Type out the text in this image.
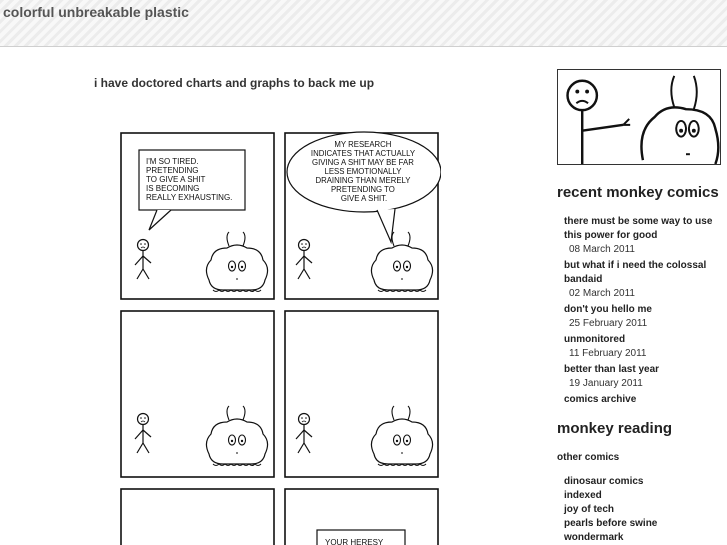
colorful unbreakable plastic
i have doctored charts and graphs to back me up
I'M SO TIRED. PRETENDING TO GIVE A SHIT IS BECOMING REALLY EXHAUSTING.
MY RESEARCH INDICATES THAT ACTUALLY GIVING A SHIT MAY BE FAR LESS EMOTIONALLY DRAINING THAN MERELY PRETENDING TO GIVE A SHIT.
YOUR HERESY
recent monkey comics
there must be some way to use this power for good
08 March 2011
but what if i need the colossal bandaid
02 March 2011
don't you hello me
25 February 2011
unmonitored
11 February 2011
better than last year
19 January 2011
comics archive
monkey reading
other comics
dinosaur comics
indexed
joy of tech
pearls before swine
wondermark
